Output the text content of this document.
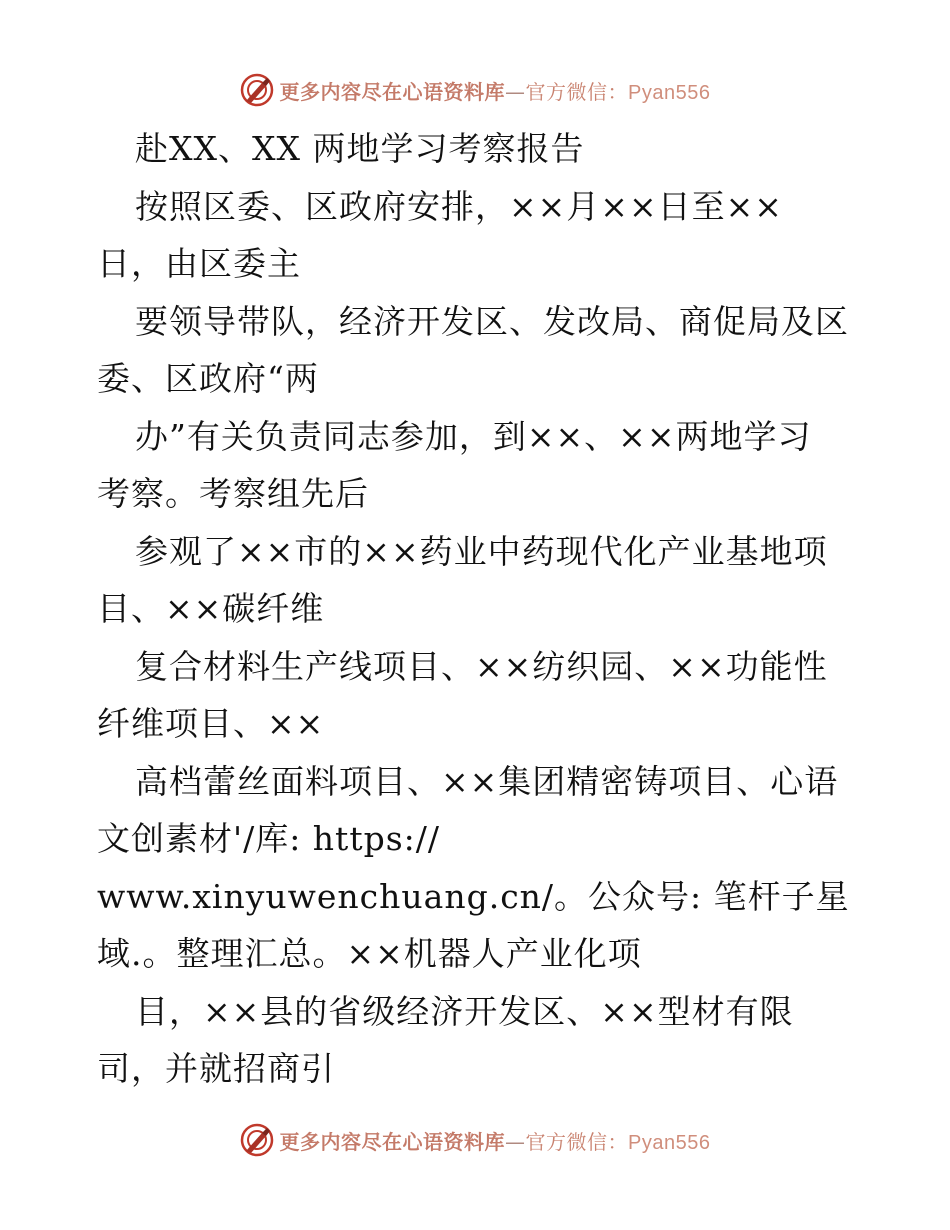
更多内容尽在心语资料库—官方微信：Pyan556
赴XX、XX 两地学习考察报告
按照区委、区政府安排，××月××日至××
日，由区委主
要领导带队，经济开发区、发改局、商促局及区
委、区政府“两
办”有关负责同志参加，到××、××两地学习
考察。考察组先后
参观了××市的××药业中药现代化产业基地项
目、××碳纤维
复合材料生产线项目、××纺织园、××功能性
纤维项目、××
高档蕾丝面料项目、××集团精密铸项目、心语
文创素材'/库: https://
www.xinyuwenchuang.cn/。公众号: 笔杆子星
域.。整理汇总。××机器人产业化项
目，××县的省级经济开发区、××型材有限
司，并就招商引
更多内容尽在心语资料库—官方微信：Pyan556
